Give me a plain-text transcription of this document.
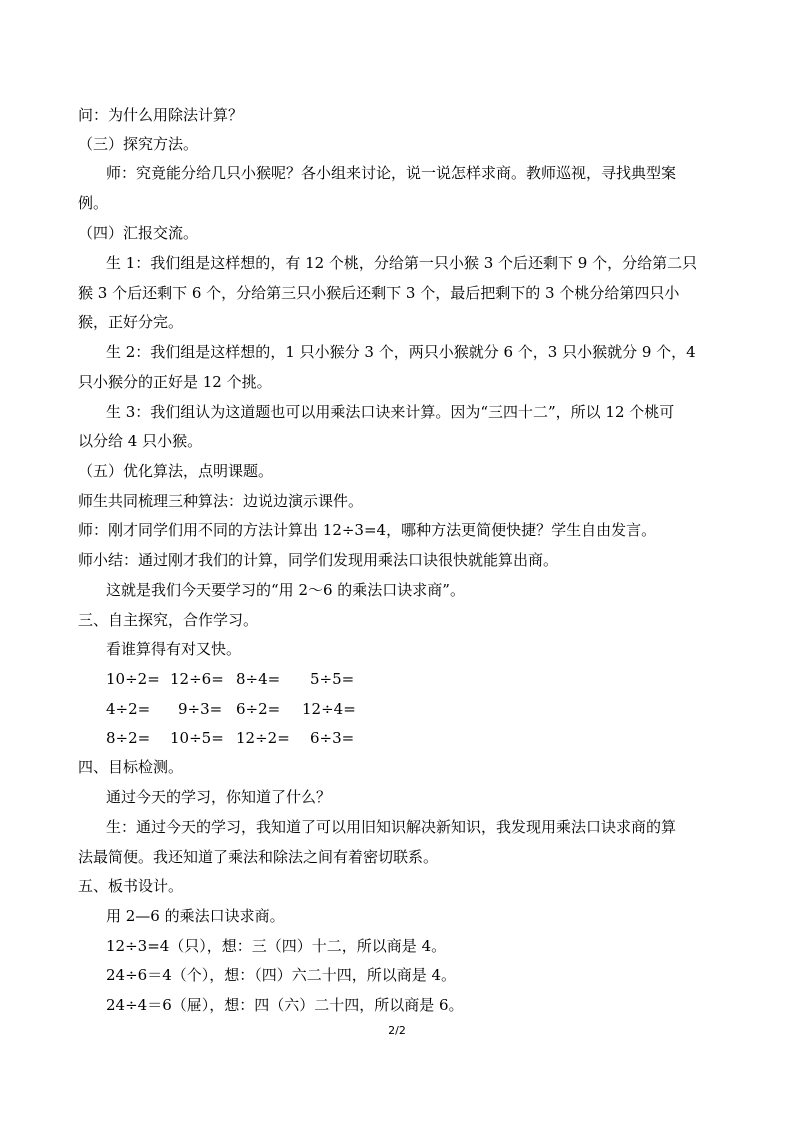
问：为什么用除法计算？
（三）探究方法。
师：究竟能分给几只小猴呢？各小组来讨论，说一说怎样求商。教师巡视，寻找典型案
例。
（四）汇报交流。
生 1：我们组是这样想的，有 12 个桃，分给第一只小猴 3 个后还剩下 9 个，分给第二只
猴 3 个后还剩下 6 个，分给第三只小猴后还剩下 3 个，最后把剩下的 3 个桃分给第四只小
猴，正好分完。
生 2：我们组是这样想的，1 只小猴分 3 个，两只小猴就分 6 个，3 只小猴就分 9 个，4
只小猴分的正好是 12 个挑。
生 3：我们组认为这道题也可以用乘法口诀来计算。因为“三四十二”，所以 12 个桃可
以分给 4 只小猴。
（五）优化算法，点明课题。
师生共同梳理三种算法：边说边演示课件。
师：刚才同学们用不同的方法计算出 12÷3=4，哪种方法更简便快捷？学生自由发言。
师小结：通过刚才我们的计算，同学们发现用乘法口诀很快就能算出商。
这就是我们今天要学习的“用 2～6 的乘法口诀求商”。
三、自主探究，合作学习。
看谁算得有对又快。
10÷2= 12÷6= 8÷4= 5÷5=
4÷2= 9÷3= 6÷2= 12÷4=
8÷2= 10÷5= 12÷2= 6÷3=
四、目标检测。
通过今天的学习，你知道了什么？
生：通过今天的学习，我知道了可以用旧知识解决新知识，我发现用乘法口诀求商的算
法最简便。我还知道了乘法和除法之间有着密切联系。
五、板书设计。
用 2—6 的乘法口诀求商。
12÷3=4（只），想：三（四）十二，所以商是 4。
24÷6＝4（个），想：（四）六二十四，所以商是 4。
24÷4＝6（屉），想：四（六）二十四，所以商是 6。
2/2
